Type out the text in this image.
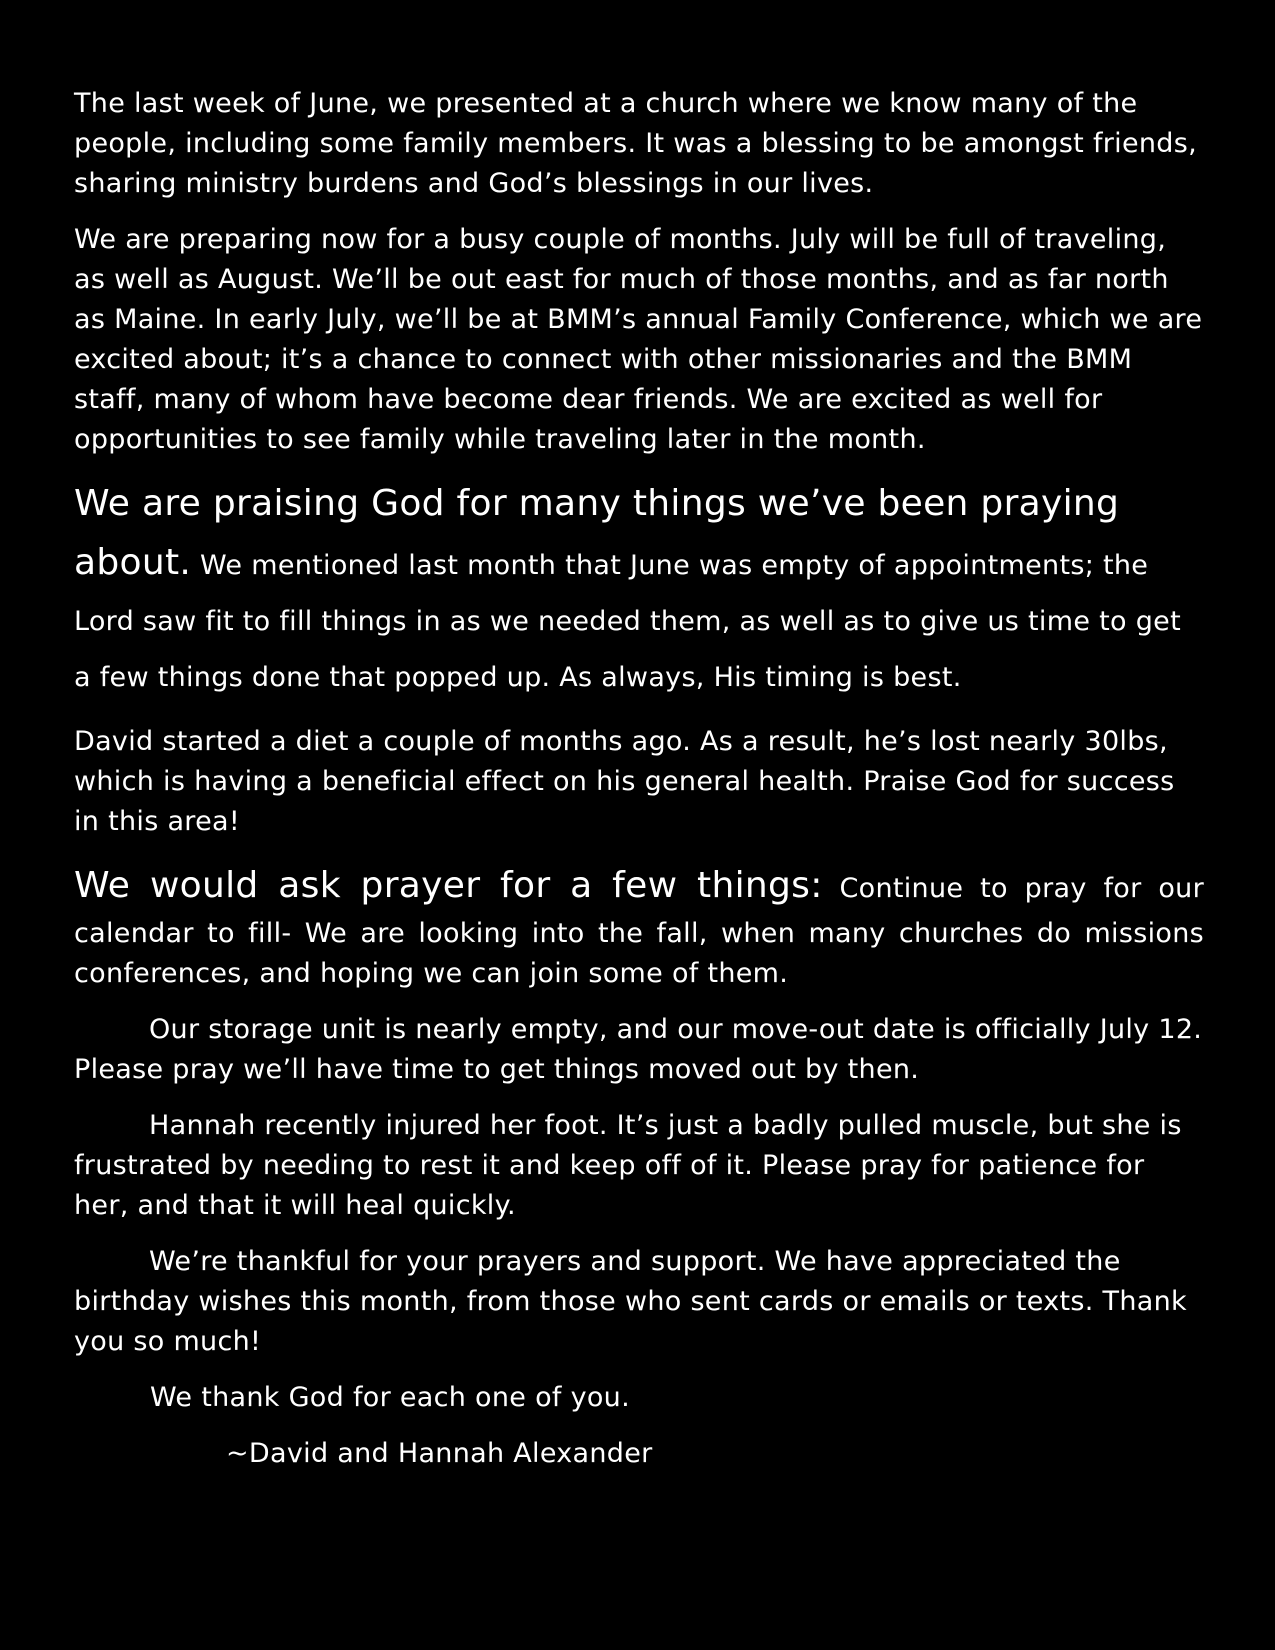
The last week of June, we presented at a church where we know many of the people, including some family members. It was a blessing to be amongst friends, sharing ministry burdens and God’s blessings in our lives.

We are preparing now for a busy couple of months. July will be full of traveling, as well as August. We’ll be out east for much of those months, and as far north as Maine. In early July, we’ll be at BMM’s annual Family Conference, which we are excited about; it’s a chance to connect with other missionaries and the BMM staff, many of whom have become dear friends. We are excited as well for opportunities to see family while traveling later in the month.

We are praising God for many things we’ve been praying about. We mentioned last month that June was empty of appointments; the Lord saw fit to fill things in as we needed them, as well as to give us time to get a few things done that popped up. As always, His timing is best.

David started a diet a couple of months ago. As a result, he’s lost nearly 30lbs, which is having a beneficial effect on his general health. Praise God for success in this area!

We would ask prayer for a few things: Continue to pray for our calendar to fill- We are looking into the fall, when many churches do missions conferences, and hoping we can join some of them.

Our storage unit is nearly empty, and our move-out date is officially July 12. Please pray we’ll have time to get things moved out by then.

Hannah recently injured her foot. It’s just a badly pulled muscle, but she is frustrated by needing to rest it and keep off of it. Please pray for patience for her, and that it will heal quickly.

We’re thankful for your prayers and support. We have appreciated the birthday wishes this month, from those who sent cards or emails or texts. Thank you so much!

We thank God for each one of you.

~David and Hannah Alexander
